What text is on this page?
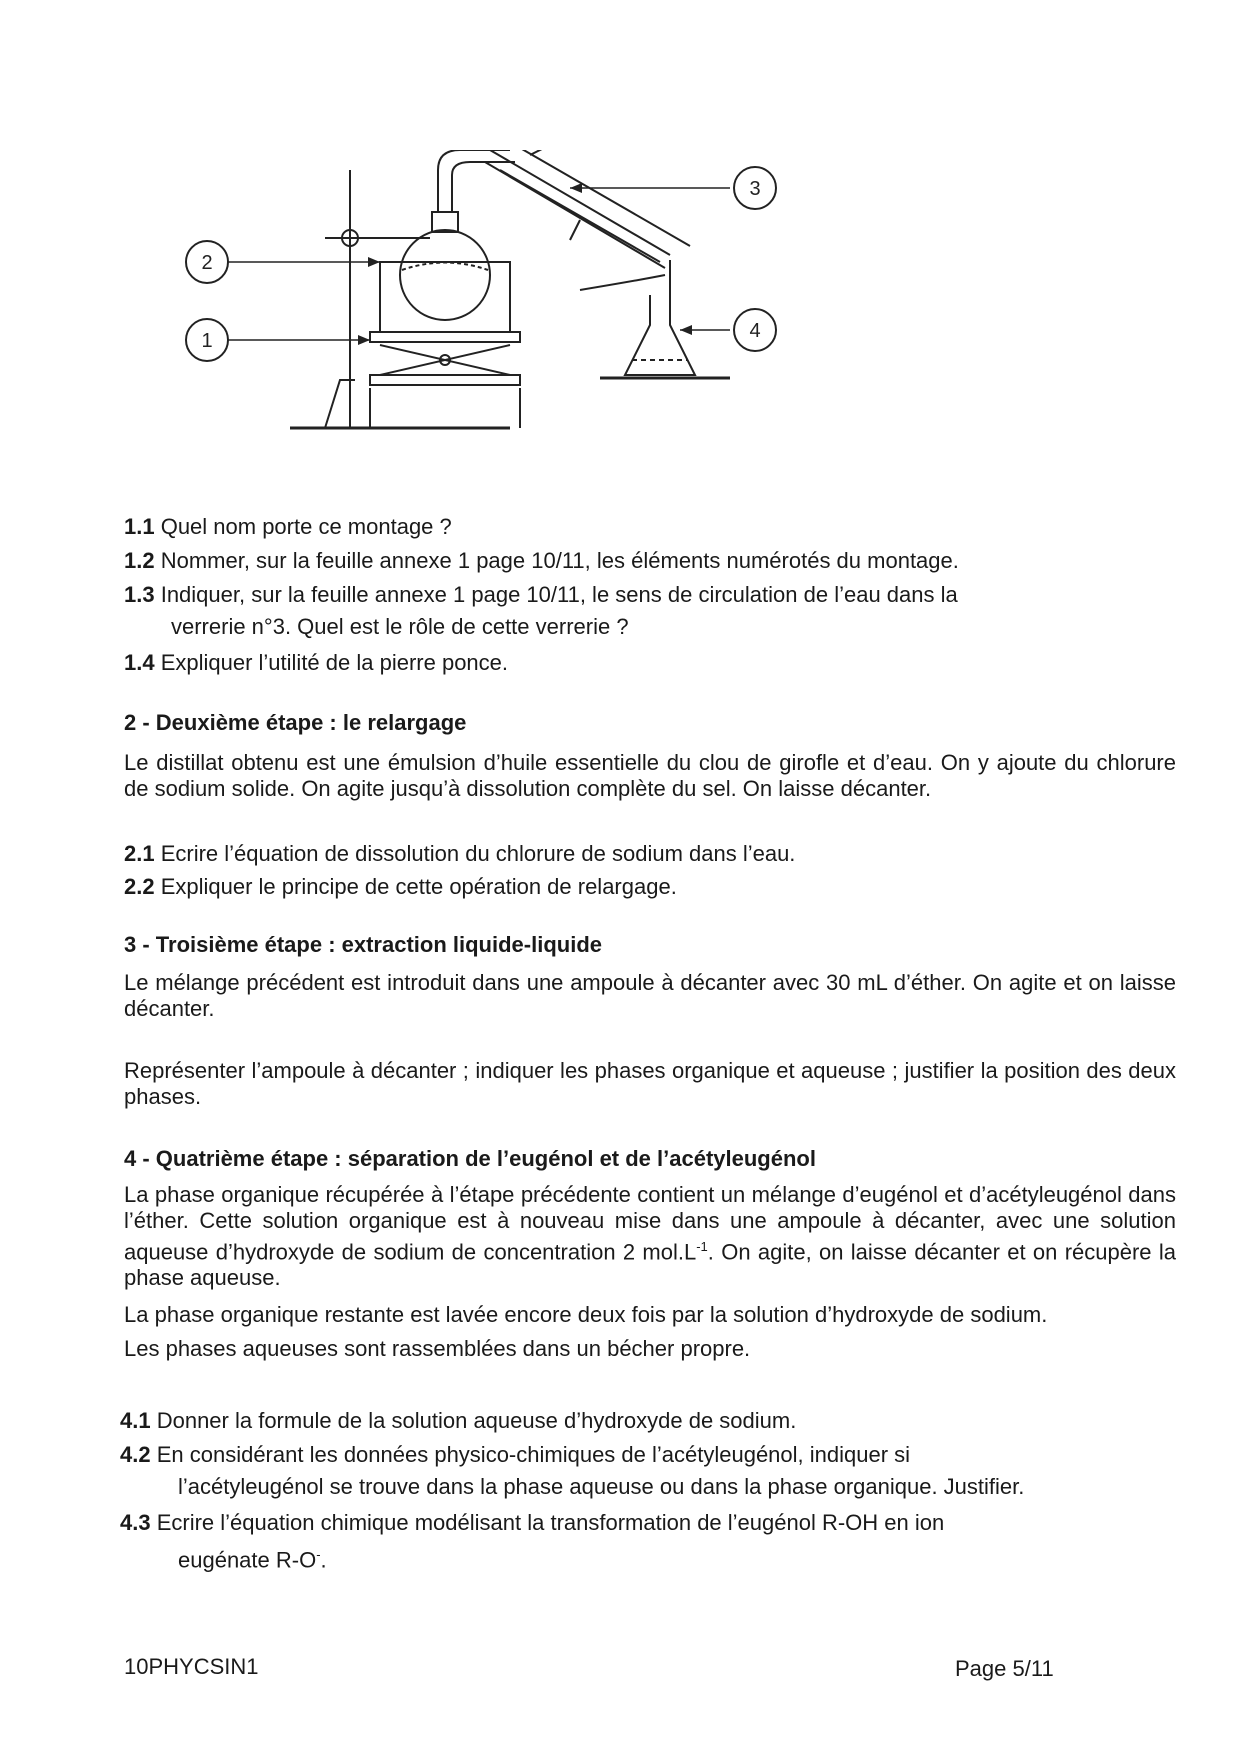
2
1
3
4
1.1 Quel nom porte ce montage ?
1.2 Nommer, sur la feuille annexe 1 page 10/11, les éléments numérotés du montage.
1.3 Indiquer, sur la feuille annexe 1 page 10/11, le sens de circulation de l’eau dans la
verrerie n°3. Quel est le rôle de cette verrerie ?
1.4 Expliquer l’utilité de la pierre ponce.
2 - Deuxième étape : le relargage
Le distillat obtenu est une émulsion d’huile essentielle du clou de girofle et d’eau. On y ajoute du chlorure de sodium solide. On agite jusqu’à dissolution complète du sel. On laisse décanter.
2.1 Ecrire l’équation de dissolution du chlorure de sodium dans l’eau.
2.2 Expliquer le principe de cette opération de relargage.
3 - Troisième étape : extraction liquide-liquide
Le mélange précédent est introduit dans une ampoule à décanter avec 30 mL d’éther. On agite et on laisse décanter.
Représenter l’ampoule à décanter ; indiquer les phases organique et aqueuse ; justifier la position des deux phases.
4 - Quatrième étape : séparation de l’eugénol et de l’acétyleugénol
La phase organique récupérée à l’étape précédente contient un mélange d’eugénol et d’acétyleugénol dans l’éther. Cette solution organique est à nouveau mise dans une ampoule à décanter, avec une solution aqueuse d’hydroxyde de sodium de concentration 2 $mol.L^{-1}$. On agite, on laisse décanter et on récupère la phase aqueuse.
La phase organique restante est lavée encore deux fois par la solution d’hydroxyde de sodium.
Les phases aqueuses sont rassemblées dans un bécher propre.
4.1 Donner la formule de la solution aqueuse d’hydroxyde de sodium.
4.2 En considérant les données physico-chimiques de l’acétyleugénol, indiquer si
l’acétyleugénol se trouve dans la phase aqueuse ou dans la phase organique. Justifier.
4.3 Ecrire l’équation chimique modélisant la transformation de l’eugénol R-OH en ion
eugénate R-O-.
10PHYCSIN1	Page 5/11
